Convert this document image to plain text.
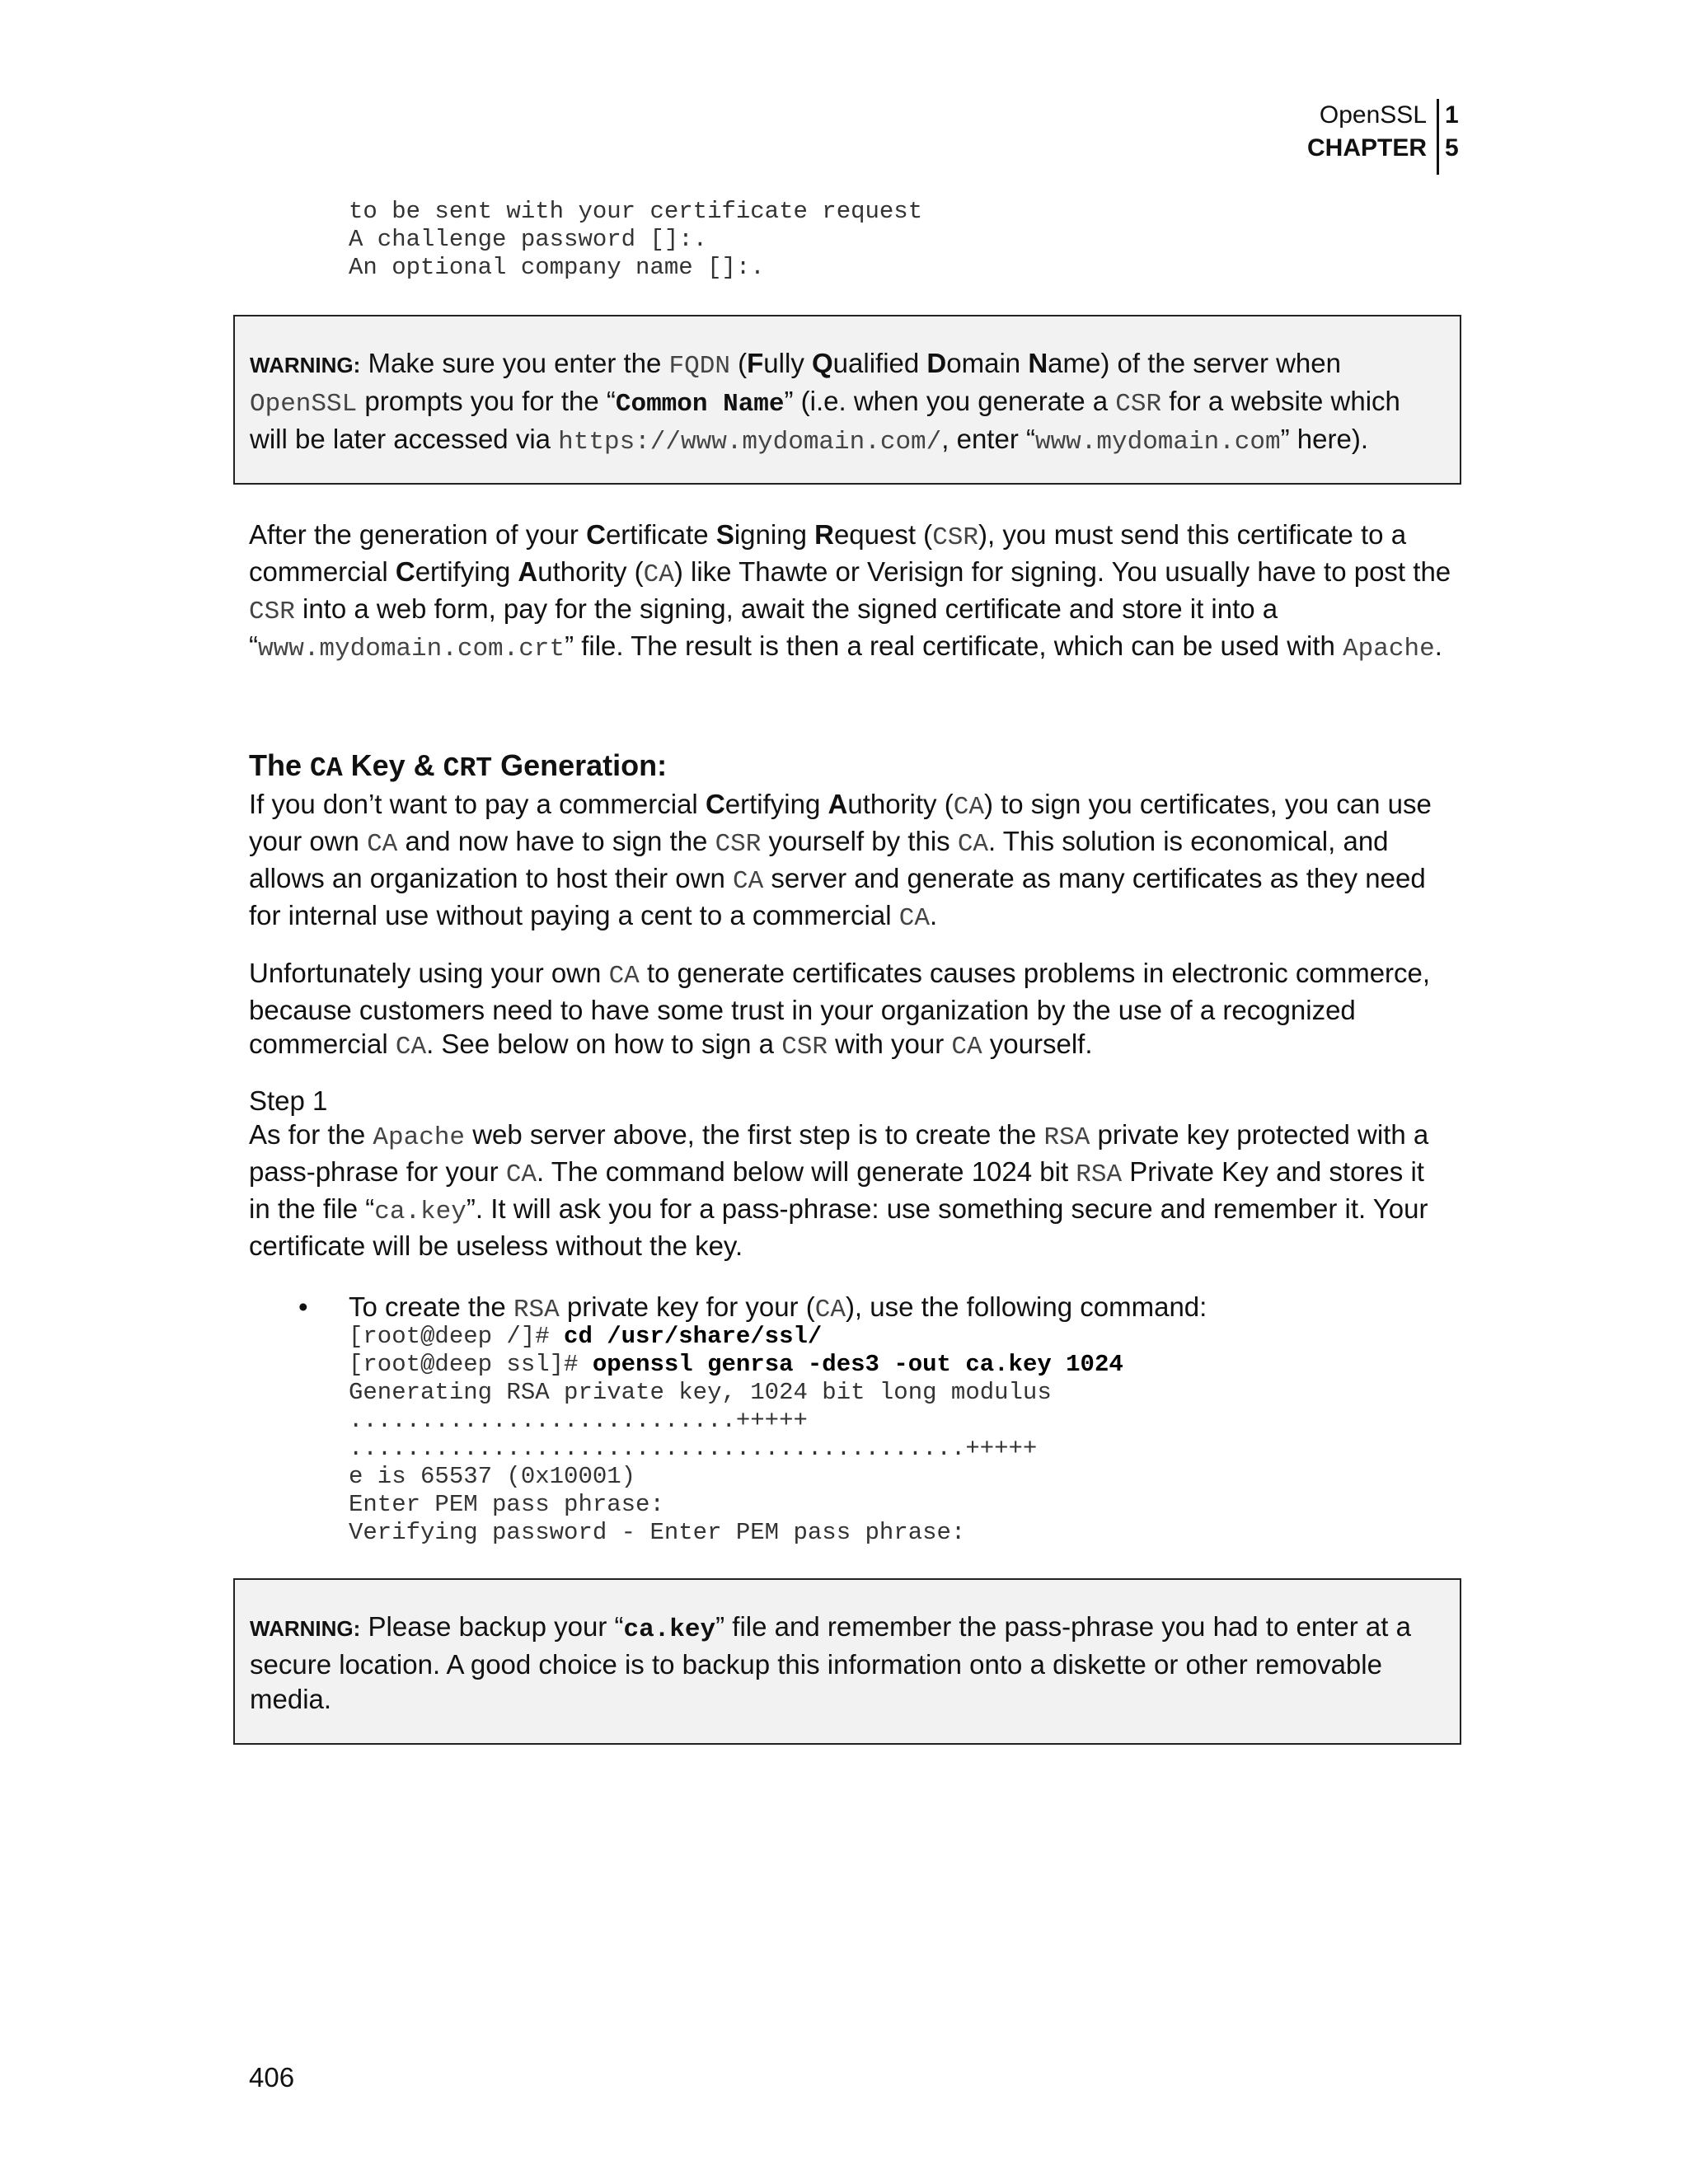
OpenSSL
CHAPTER
1
5
to be sent with your certificate request
A challenge password []:.
An optional company name []:.
WARNING: Make sure you enter the FQDN (Fully Qualified Domain Name) of the server when OpenSSL prompts you for the “Common Name” (i.e. when you generate a CSR for a website which will be later accessed via https://www.mydomain.com/, enter “www.mydomain.com” here).

After the generation of your Certificate Signing Request (CSR), you must send this certificate to a commercial Certifying Authority (CA) like Thawte or Verisign for signing. You usually have to post the CSR into a web form, pay for the signing, await the signed certificate and store it into a “www.mydomain.com.crt” file. The result is then a real certificate, which can be used with Apache.

The CA Key & CRT Generation:

If you don’t want to pay a commercial Certifying Authority (CA) to sign you certificates, you can use your own CA and now have to sign the CSR yourself by this CA. This solution is economical, and allows an organization to host their own CA server and generate as many certificates as they need for internal use without paying a cent to a commercial CA.

Unfortunately using your own CA to generate certificates causes problems in electronic commerce, because customers need to have some trust in your organization by the use of a recognized commercial CA. See below on how to sign a CSR with your CA yourself.

Step 1
As for the Apache web server above, the first step is to create the RSA private key protected with a pass-phrase for your CA. The command below will generate 1024 bit RSA Private Key and stores it in the file “ca.key”. It will ask you for a pass-phrase: use something secure and remember it. Your certificate will be useless without the key.

• To create the RSA private key for your (CA), use the following command:
[root@deep /]# cd /usr/share/ssl/
[root@deep ssl]# openssl genrsa -des3 -out ca.key 1024
Generating RSA private key, 1024 bit long modulus
...........................+++++
...........................................+++++
e is 65537 (0x10001)
Enter PEM pass phrase:
Verifying password - Enter PEM pass phrase:
WARNING: Please backup your “ca.key” file and remember the pass-phrase you had to enter at a secure location. A good choice is to backup this information onto a diskette or other removable media.
406
